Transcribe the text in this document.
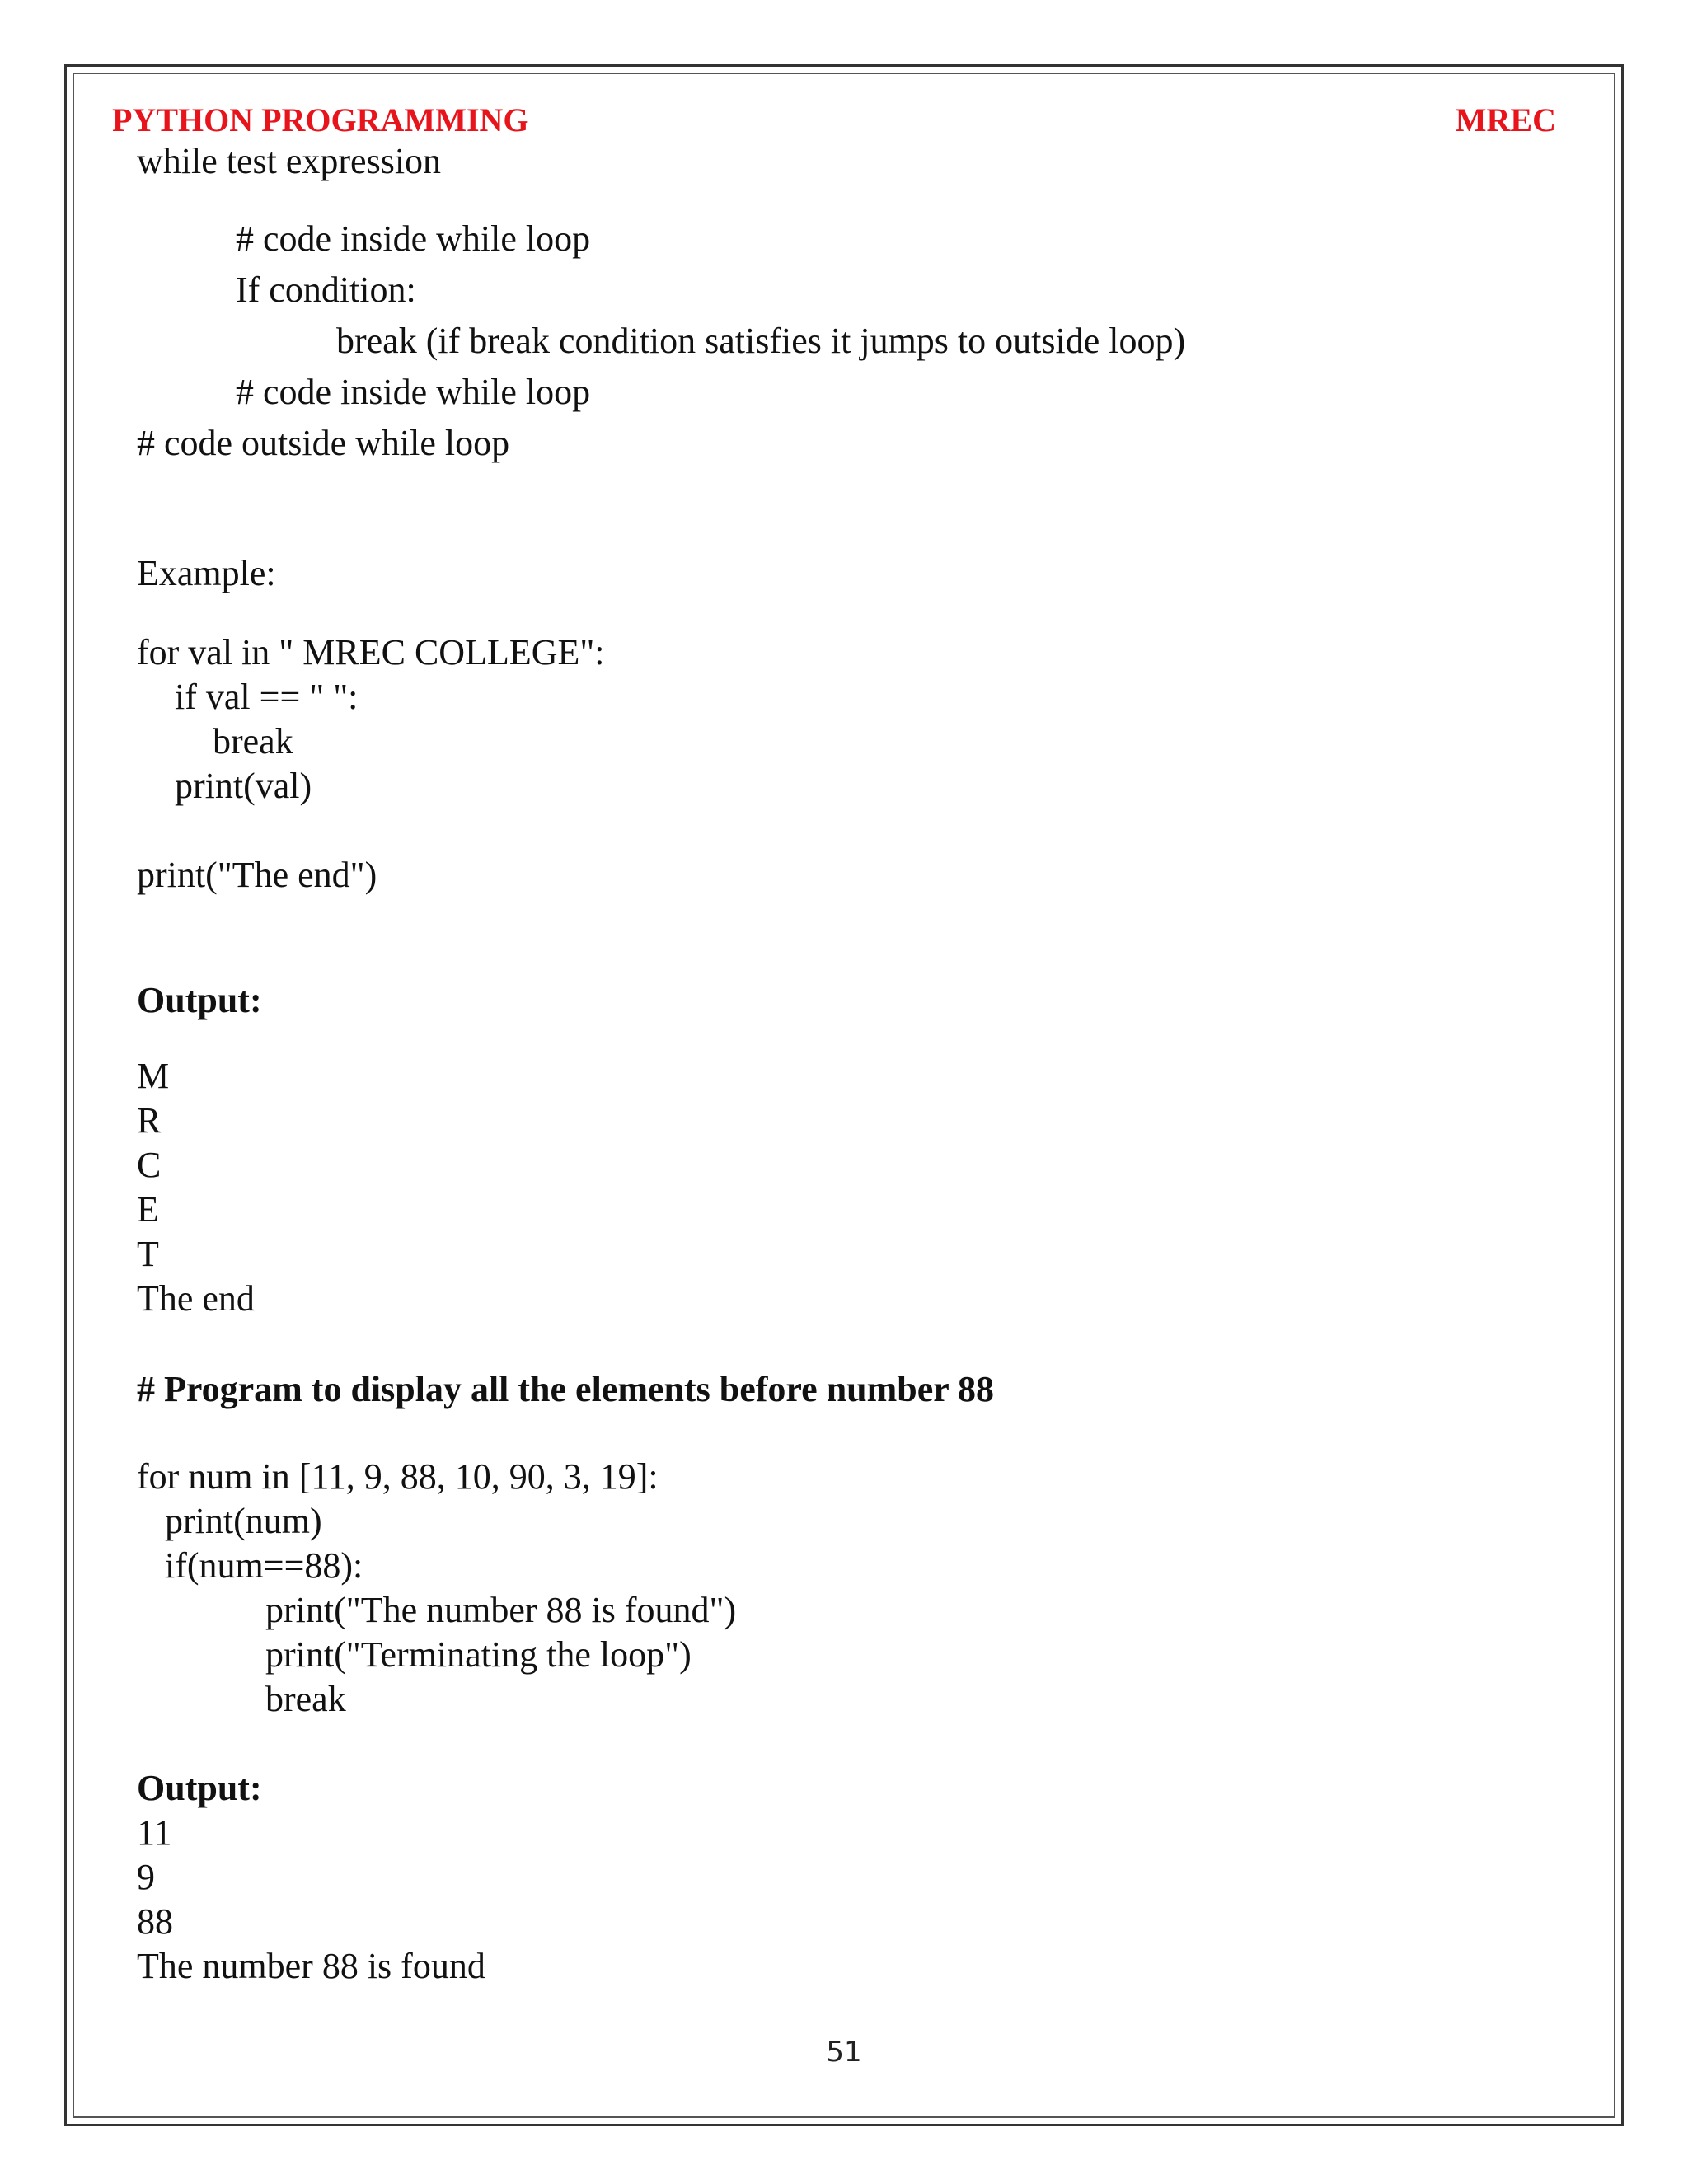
PYTHON PROGRAMMING	MREC
while test expression
# code inside while loop
If condition:
break (if break condition satisfies it jumps to outside loop)
# code inside while loop
# code outside while loop
Example:
for val in " MREC COLLEGE":
if val == " ":
break
print(val)
print("The end")
Output:
M
R
C
E
T
The end
# Program to display all the elements before number 88
for num in [11, 9, 88, 10, 90, 3, 19]:
print(num)
if(num==88):
print("The number 88 is found")
print("Terminating the loop")
break
Output:
11
9
88
The number 88 is found
51
